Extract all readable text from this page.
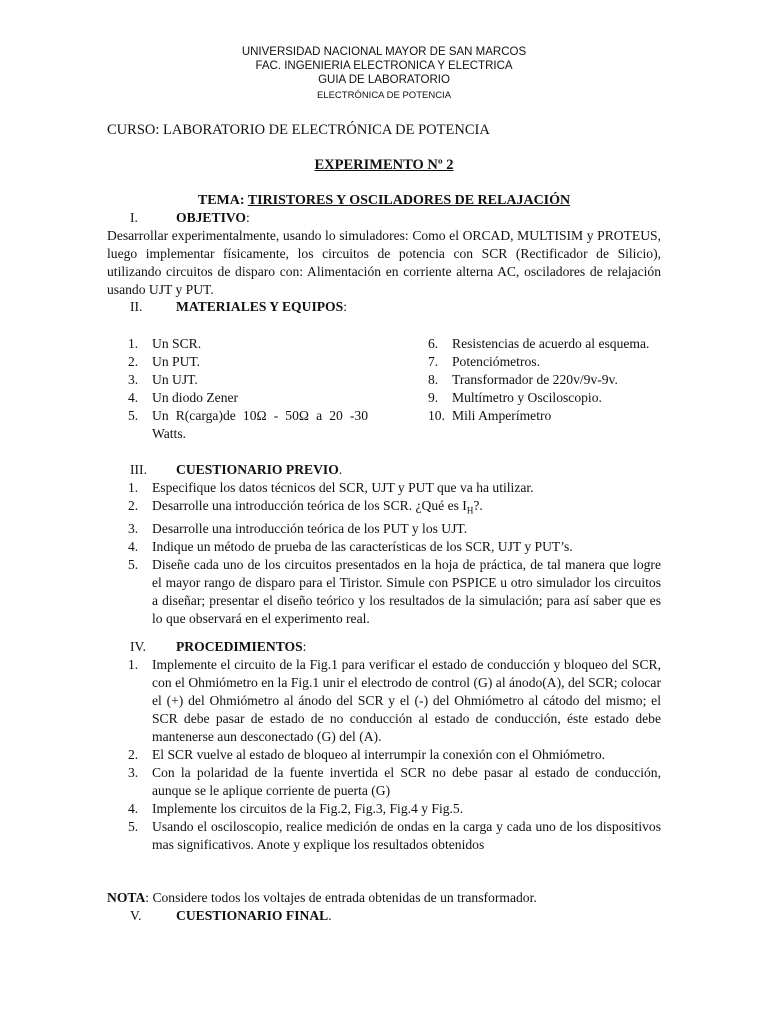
UNIVERSIDAD NACIONAL MAYOR DE SAN MARCOS
FAC. INGENIERIA ELECTRONICA Y ELECTRICA
GUIA DE LABORATORIO
ELECTRÓNICA DE POTENCIA
CURSO: LABORATORIO DE ELECTRÓNICA DE POTENCIA
EXPERIMENTO Nº 2
TEMA: TIRISTORES Y OSCILADORES DE RELAJACIÓN
I.	OBJETIVO:
Desarrollar experimentalmente, usando lo simuladores: Como el ORCAD, MULTISIM y PROTEUS, luego implementar físicamente, los circuitos de potencia con SCR (Rectificador de Silicio), utilizando circuitos de disparo con: Alimentación en corriente alterna AC, osciladores de relajación usando UJT y PUT.
II. MATERIALES Y EQUIPOS:
1. Un SCR.
2. Un PUT.
3. Un UJT.
4. Un diodo Zener
5. Un R(carga)de 10Ω - 50Ω a 20 -30 Watts.
6. Resistencias de acuerdo al esquema.
7. Potenciómetros.
8. Transformador de 220v/9v-9v.
9. Multímetro y Osciloscopio.
10. Mili Amperímetro
III. CUESTIONARIO PREVIO.
1. Especifique los datos técnicos del SCR, UJT y PUT que va ha utilizar.
2. Desarrolle una introducción teórica de los SCR. ¿Qué es $I_H$?.
3. Desarrolle una introducción teórica de los PUT y los UJT.
4. Indique un método de prueba de las características de los SCR, UJT y PUT’s.
5. Diseñe cada uno de los circuitos presentados en la hoja de práctica, de tal manera que logre el mayor rango de disparo para el Tiristor. Simule con PSPICE u otro simulador los circuitos a diseñar; presentar el diseño teórico y los resultados de la simulación; para así saber que es lo que observará en el experimento real.
IV. PROCEDIMIENTOS:
1. Implemente el circuito de la Fig.1 para verificar el estado de conducción y bloqueo del SCR, con el Ohmiómetro en la Fig.1 unir el electrodo de control (G) al ánodo(A), del SCR; colocar el (+) del Ohmiómetro al ánodo del SCR y el (-) del Ohmiómetro al cátodo del mismo; el SCR debe pasar de estado de no conducción al estado de conducción, éste estado debe mantenerse aun desconectado (G) del (A).
2. El SCR vuelve al estado de bloqueo al interrumpir la conexión con el Ohmiómetro.
3. Con la polaridad de la fuente invertida el SCR no debe pasar al estado de conducción, aunque se le aplique corriente de puerta (G)
4. Implemente los circuitos de la Fig.2, Fig.3, Fig.4 y Fig.5.
5. Usando el osciloscopio, realice medición de ondas en la carga y cada uno de los dispositivos mas significativos. Anote y explique los resultados obtenidos
NOTA: Considere todos los voltajes de entrada obtenidas de un transformador.
V.	CUESTIONARIO FINAL.
